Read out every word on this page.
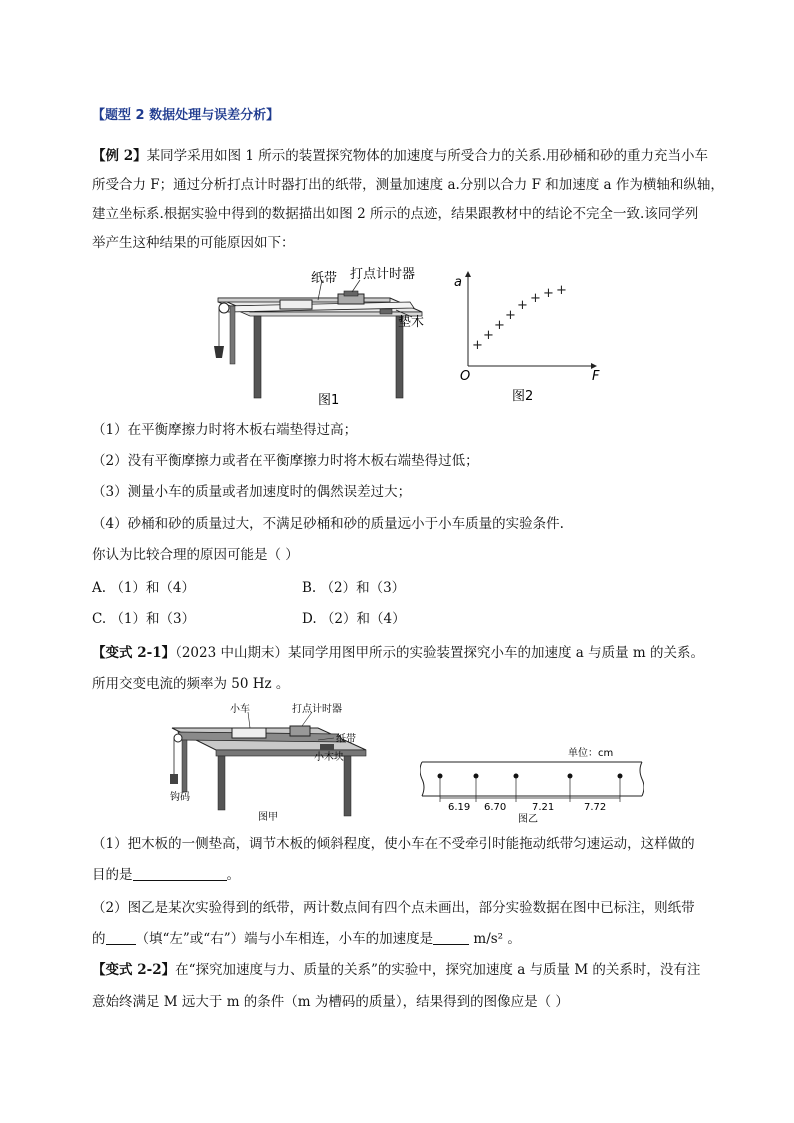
【题型 2 数据处理与误差分析】
【例 2】某同学采用如图 1 所示的装置探究物体的加速度与所受合力的关系.用砂桶和砂的重力充当小车
所受合力 F；通过分析打点计时器打出的纸带，测量加速度 a.分别以合力 F 和加速度 a 作为横轴和纵轴，
建立坐标系.根据实验中得到的数据描出如图 2 所示的点迹，结果跟教材中的结论不完全一致.该同学列
举产生这种结果的可能原因如下：
纸带 打点计时器
垫木
图1
a
F
O
+
+
+
+
+ + + +
图2
（1）在平衡摩擦力时将木板右端垫得过高；
（2）没有平衡摩擦力或者在平衡摩擦力时将木板右端垫得过低；
（3）测量小车的质量或者加速度时的偶然误差过大；
（4）砂桶和砂的质量过大，不满足砂桶和砂的质量远小于小车质量的实验条件.
你认为比较合理的原因可能是（ ）
A. （1）和（4）	B. （2）和（3）
C. （1）和（3）	D. （2）和（4）
【变式 2-1】（2023 中山期末）某同学用图甲所示的实验装置探究小车的加速度 a 与质量 m 的关系。
所用交变电流的频率为 50 Hz 。
小车	打点计时器
纸带
小木块
钩码
图甲
单位：cm
6.19 6.70	7.21	7.72
图乙
（1）把木板的一侧垫高，调节木板的倾斜程度，使小车在不受牵引时能拖动纸带匀速运动，这样做的
目的是	。
（2）图乙是某次实验得到的纸带，两计数点间有四个点未画出，部分实验数据在图中已标注，则纸带
的 （填“左”或“右”）端与小车相连，小车的加速度是	m/s² 。
【变式 2-2】在“探究加速度与力、质量的关系”的实验中，探究加速度 a 与质量 M 的关系时，没有注
意始终满足 M 远大于 m 的条件（m 为槽码的质量），结果得到的图像应是（ ）
